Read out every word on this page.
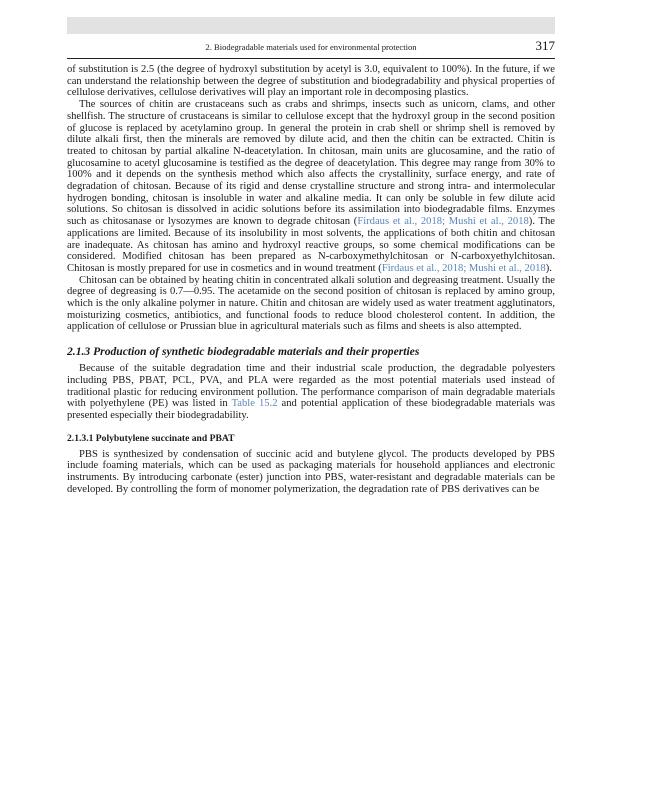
2. Biodegradable materials used for environmental protection	317

of substitution is 2.5 (the degree of hydroxyl substitution by acetyl is 3.0, equivalent to 100%). In the future, if we can understand the relationship between the degree of substitution and biodegradability and physical properties of cellulose derivatives, cellulose derivatives will play an important role in decomposing plastics.

The sources of chitin are crustaceans such as crabs and shrimps, insects such as unicorn, clams, and other shellfish. The structure of crustaceans is similar to cellulose except that the hydroxyl group in the second position of glucose is replaced by acetylamino group. In general the protein in crab shell or shrimp shell is removed by dilute alkali first, then the minerals are removed by dilute acid, and then the chitin can be extracted. Chitin is treated to chitosan by partial alkaline N-deacetylation. In chitosan, main units are glucosamine, and the ratio of glucosamine to acetyl glucosamine is testified as the degree of deacetylation. This degree may range from 30% to 100% and it depends on the synthesis method which also affects the crystallinity, surface energy, and rate of degradation of chitosan. Because of its rigid and dense crystalline structure and strong intra- and intermolecular hydrogen bonding, chitosan is insoluble in water and alkaline media. It can only be soluble in few dilute acid solutions. So chitosan is dissolved in acidic solutions before its assimilation into biodegradable films. Enzymes such as chitosanase or lysozymes are known to degrade chitosan (Firdaus et al., 2018; Mushi et al., 2018). The applications are limited. Because of its insolubility in most solvents, the applications of both chitin and chitosan are inadequate. As chitosan has amino and hydroxyl reactive groups, so some chemical modifications can be considered. Modified chitosan has been prepared as N-carboxymethylchitosan or N-carboxyethylchitosan. Chitosan is mostly prepared for use in cosmetics and in wound treatment (Firdaus et al., 2018; Mushi et al., 2018).

Chitosan can be obtained by heating chitin in concentrated alkali solution and degreasing treatment. Usually the degree of degreasing is 0.7—0.95. The acetamide on the second position of chitosan is replaced by amino group, which is the only alkaline polymer in nature. Chitin and chitosan are widely used as water treatment agglutinators, moisturizing cosmetics, antibiotics, and functional foods to reduce blood cholesterol content. In addition, the application of cellulose or Prussian blue in agricultural materials such as films and sheets is also attempted.

2.1.3 Production of synthetic biodegradable materials and their properties

Because of the suitable degradation time and their industrial scale production, the degradable polyesters including PBS, PBAT, PCL, PVA, and PLA were regarded as the most potential materials used instead of traditional plastic for reducing environment pollution. The performance comparison of main degradable materials with polyethylene (PE) was listed in Table 15.2 and potential application of these biodegradable materials was presented especially their biodegradability.

2.1.3.1 Polybutylene succinate and PBAT

PBS is synthesized by condensation of succinic acid and butylene glycol. The products developed by PBS include foaming materials, which can be used as packaging materials for household appliances and electronic instruments. By introducing carbonate (ester) junction into PBS, water-resistant and degradable materials can be developed. By controlling the form of monomer polymerization, the degradation rate of PBS derivatives can be
